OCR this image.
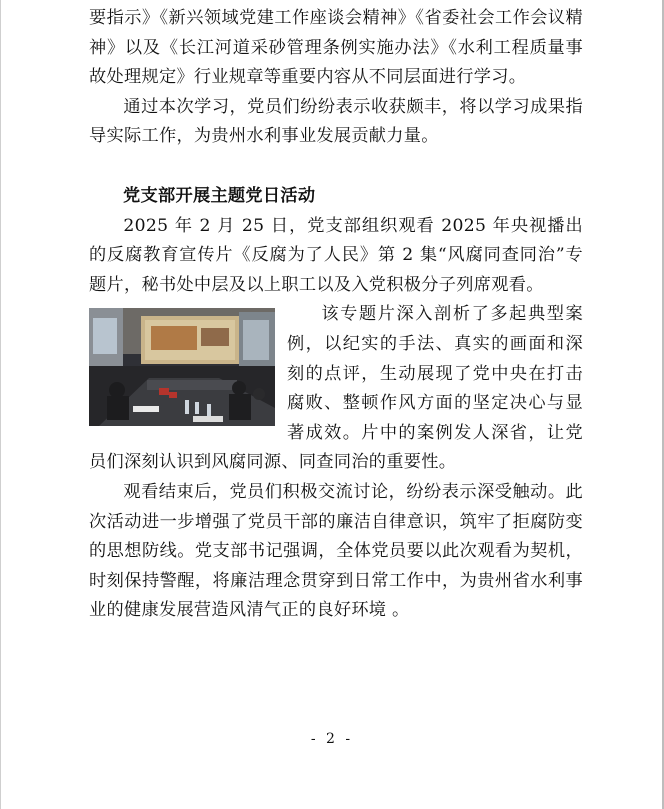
要指示》《新兴领域党建工作座谈会精神》《省委社会工作会议精神》以及《长江河道采砂管理条例实施办法》《水利工程质量事故处理规定》行业规章等重要内容从不同层面进行学习。

通过本次学习，党员们纷纷表示收获颇丰，将以学习成果指导实际工作，为贵州水利事业发展贡献力量。

党支部开展主题党日活动

2025 年 2 月 25 日，党支部组织观看 2025 年央视播出的反腐教育宣传片《反腐为了人民》第 2 集“风腐同查同治”专题片，秘书处中层及以上职工以及入党积极分子列席观看。

该专题片深入剖析了多起典型案例，以纪实的手法、真实的画面和深刻的点评，生动展现了党中央在打击腐败、整顿作风方面的坚定决心与显著成效。片中的案例发人深省，让党员们深刻认识到风腐同源、同查同治的重要性。

观看结束后，党员们积极交流讨论，纷纷表示深受触动。此次活动进一步增强了党员干部的廉洁自律意识，筑牢了拒腐防变的思想防线。党支部书记强调，全体党员要以此次观看为契机，时刻保持警醒，将廉洁理念贯穿到日常工作中，为贵州省水利事业的健康发展营造风清气正的良好环境 。

- 2 -
